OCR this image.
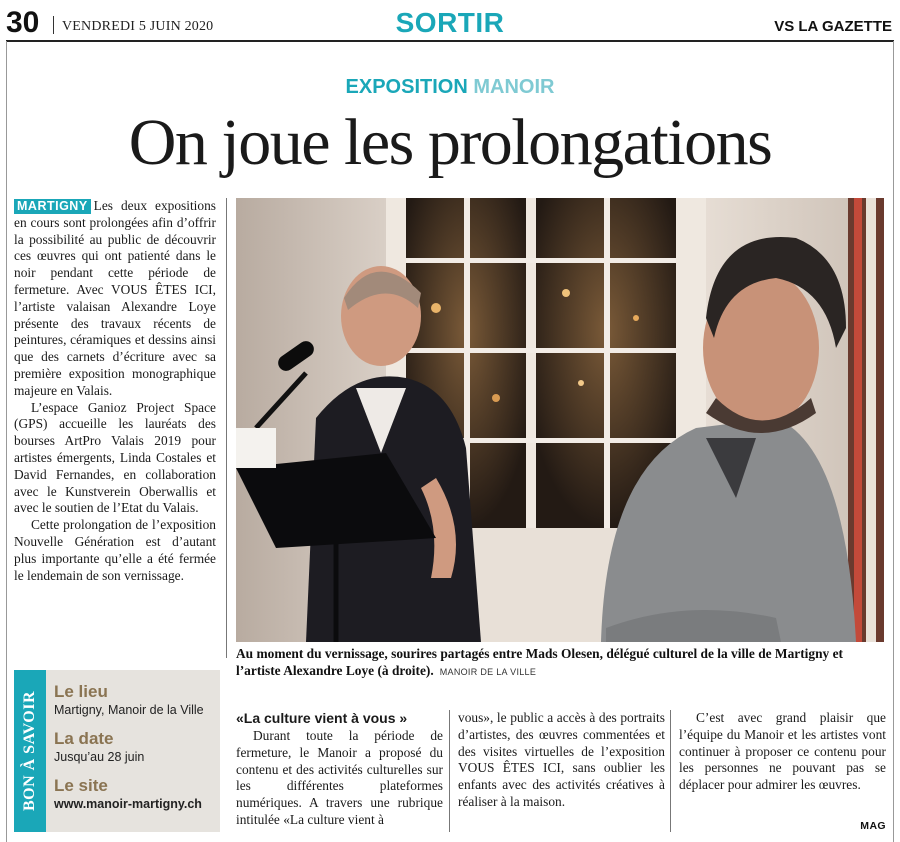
30 VENDREDI 5 JUIN 2020	SORTIR	VS LA GAZETTE
EXPOSITION MANOIR
On joue les prolongations

MARTIGNY Les deux expositions en cours sont prolongées afin d’offrir la possibilité au public de découvrir ces œuvres qui ont patienté dans le noir pendant cette période de fermeture. Avec VOUS ÊTES ICI, l’artiste valaisan Alexandre Loye présente des travaux récents de peintures, céramiques et dessins ainsi que des carnets d’écriture avec sa première exposition monographique majeure en Valais.

L’espace Ganioz Project Space (GPS) accueille les lauréats des bourses ArtPro Valais 2019 pour artistes émergents, Linda Costales et David Fernandes, en collaboration avec le Kunstverein Oberwallis et avec le soutien de l’Etat du Valais.

Cette prolongation de l’exposition Nouvelle Génération est d’autant plus importante qu’elle a été fermée le lendemain de son vernissage.

BON À SAVOIR Le lieu
Martigny, Manoir de la Ville
La date
Jusqu’au 28 juin
Le site
www.manoir-martigny.ch
Au moment du vernissage, sourires partagés entre Mads Olesen, délégué culturel de la ville de Martigny et l’artiste Alexandre Loye (à droite). MANOIR DE LA VILLE
«La culture vient à vous »

Durant toute la période de fermeture, le Manoir a proposé du contenu et des activités culturelles sur les différentes plateformes numériques. A travers une rubrique intitulée «La culture vient à

vous», le public a accès à des portraits d’artistes, des œuvres commentées et des visites virtuelles de l’exposition VOUS ÊTES ICI, sans oublier les enfants avec des activités créatives à réaliser à la maison.

C’est avec grand plaisir que l’équipe du Manoir et les artistes vont continuer à proposer ce contenu pour les personnes ne pouvant pas se déplacer pour admirer les œuvres.

MAG
